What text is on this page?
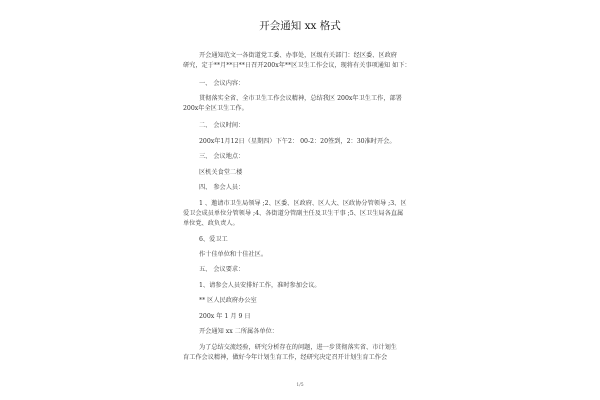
开会通知 xx 格式
开会通知范文一各街道党工委、办事处，区级有关部门：经区委、区政府
研究，定于**月**日**日召开200x年**区卫生工作会议，现将有关事项通知 如下：
一、 会议内容：
贯彻落实全省、全市卫生工作会议精神，总结我区 200x年卫生工作，部署
200x年全区卫生工作。
二、 会议时间：
200x年1月12日（星期四）下午2： 00-2：20签到，2：30准时开会。
三、 会议地点：
区机关食堂二楼
四、 参会人员：
1 、邀请市卫生局领导 ;2、区委、区政府、区人大、区政协分管领导 ;3、区
爱卫会成员单位分管领导 ;4、各街道分管副主任及卫生干事 ;5、区卫生局各直属
单位党、政负责人。
6、爱卫工
作十佳单位和十佳社区。
五、 会议要求：
1、请参会人员安排好工作，准时参加会议。
** 区人民政府办公室
200x 年 1 月 9 日
开会通知 xx 二所属各单位：
为了总结交流经验，研究分析存在的问题，进一步贯彻落实省、市计划生
育工作会议精神，做好今年计划生育工作，经研究决定召开计划生育工作会
1/5
